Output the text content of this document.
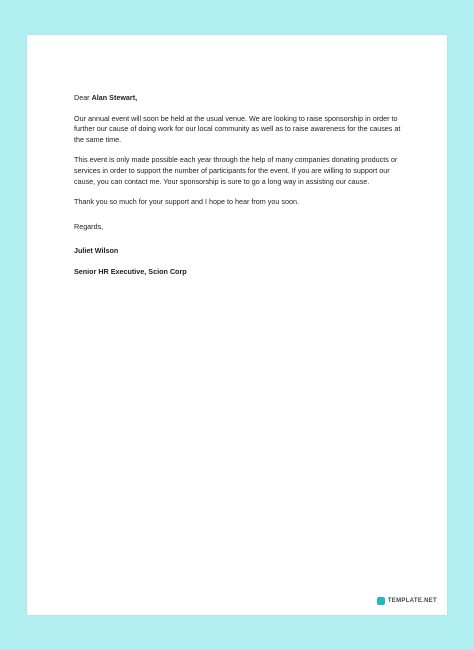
Dear Alan Stewart,

Our annual event will soon be held at the usual venue. We are looking to raise sponsorship in order to further our cause of doing work for our local community as well as to raise awareness for the causes at the same time.

This event is only made possible each year through the help of many companies donating products or services in order to support the number of participants for the event. If you are willing to support our cause, you can contact me. Your sponsorship is sure to go a long way in assisting our cause.

Thank you so much for your support and I hope to hear from you soon.

Regards,

Juliet Wilson

Senior HR Executive, Scion Corp

TEMPLATE.NET
